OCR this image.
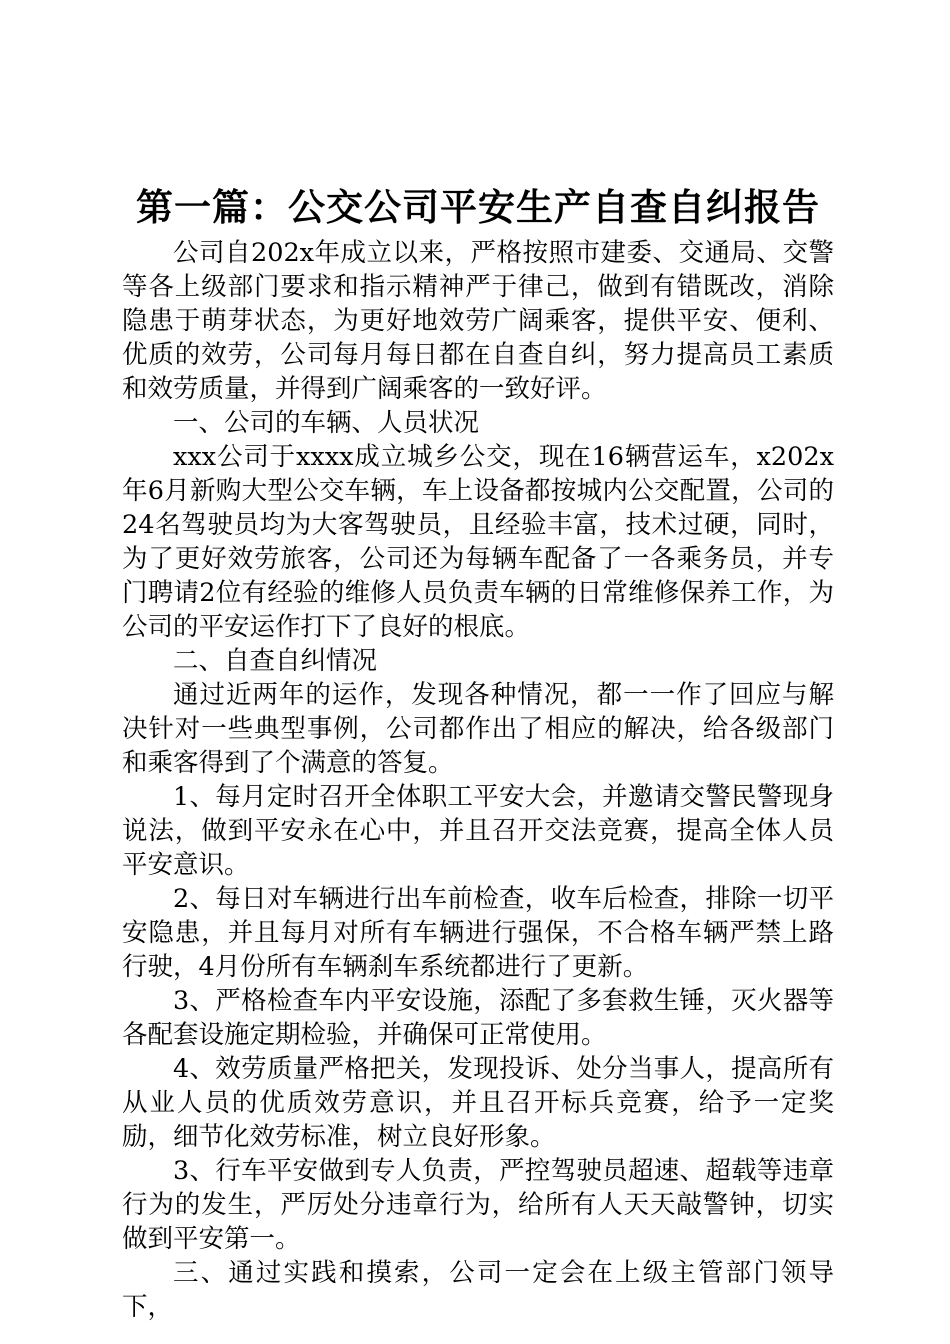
第一篇：公交公司平安生产自查自纠报告

公司自202x年成立以来，严格按照市建委、交通局、交警等各上级部门要求和指示精神严于律己，做到有错既改，消除隐患于萌芽状态，为更好地效劳广阔乘客，提供平安、便利、优质的效劳，公司每月每日都在自查自纠，努力提高员工素质和效劳质量，并得到广阔乘客的一致好评。

一、公司的车辆、人员状况

xxx公司于xxxx成立城乡公交，现在16辆营运车，x202x年6月新购大型公交车辆，车上设备都按城内公交配置，公司的24名驾驶员均为大客驾驶员，且经验丰富，技术过硬，同时，为了更好效劳旅客，公司还为每辆车配备了一各乘务员，并专门聘请2位有经验的维修人员负责车辆的日常维修保养工作，为公司的平安运作打下了良好的根底。

二、自查自纠情况

通过近两年的运作，发现各种情况，都一一作了回应与解决针对一些典型事例，公司都作出了相应的解决，给各级部门和乘客得到了个满意的答复。

1、每月定时召开全体职工平安大会，并邀请交警民警现身说法，做到平安永在心中，并且召开交法竞赛，提高全体人员平安意识。

2、每日对车辆进行出车前检查，收车后检查，排除一切平安隐患，并且每月对所有车辆进行强保，不合格车辆严禁上路行驶，4月份所有车辆刹车系统都进行了更新。

3、严格检查车内平安设施，添配了多套救生锤，灭火器等各配套设施定期检验，并确保可正常使用。

4、效劳质量严格把关，发现投诉、处分当事人，提高所有从业人员的优质效劳意识，并且召开标兵竞赛，给予一定奖励，细节化效劳标准，树立良好形象。

3、行车平安做到专人负责，严控驾驶员超速、超载等违章行为的发生，严厉处分违章行为，给所有人天天敲警钟，切实做到平安第一。

三、通过实践和摸索，公司一定会在上级主管部门领导下，
